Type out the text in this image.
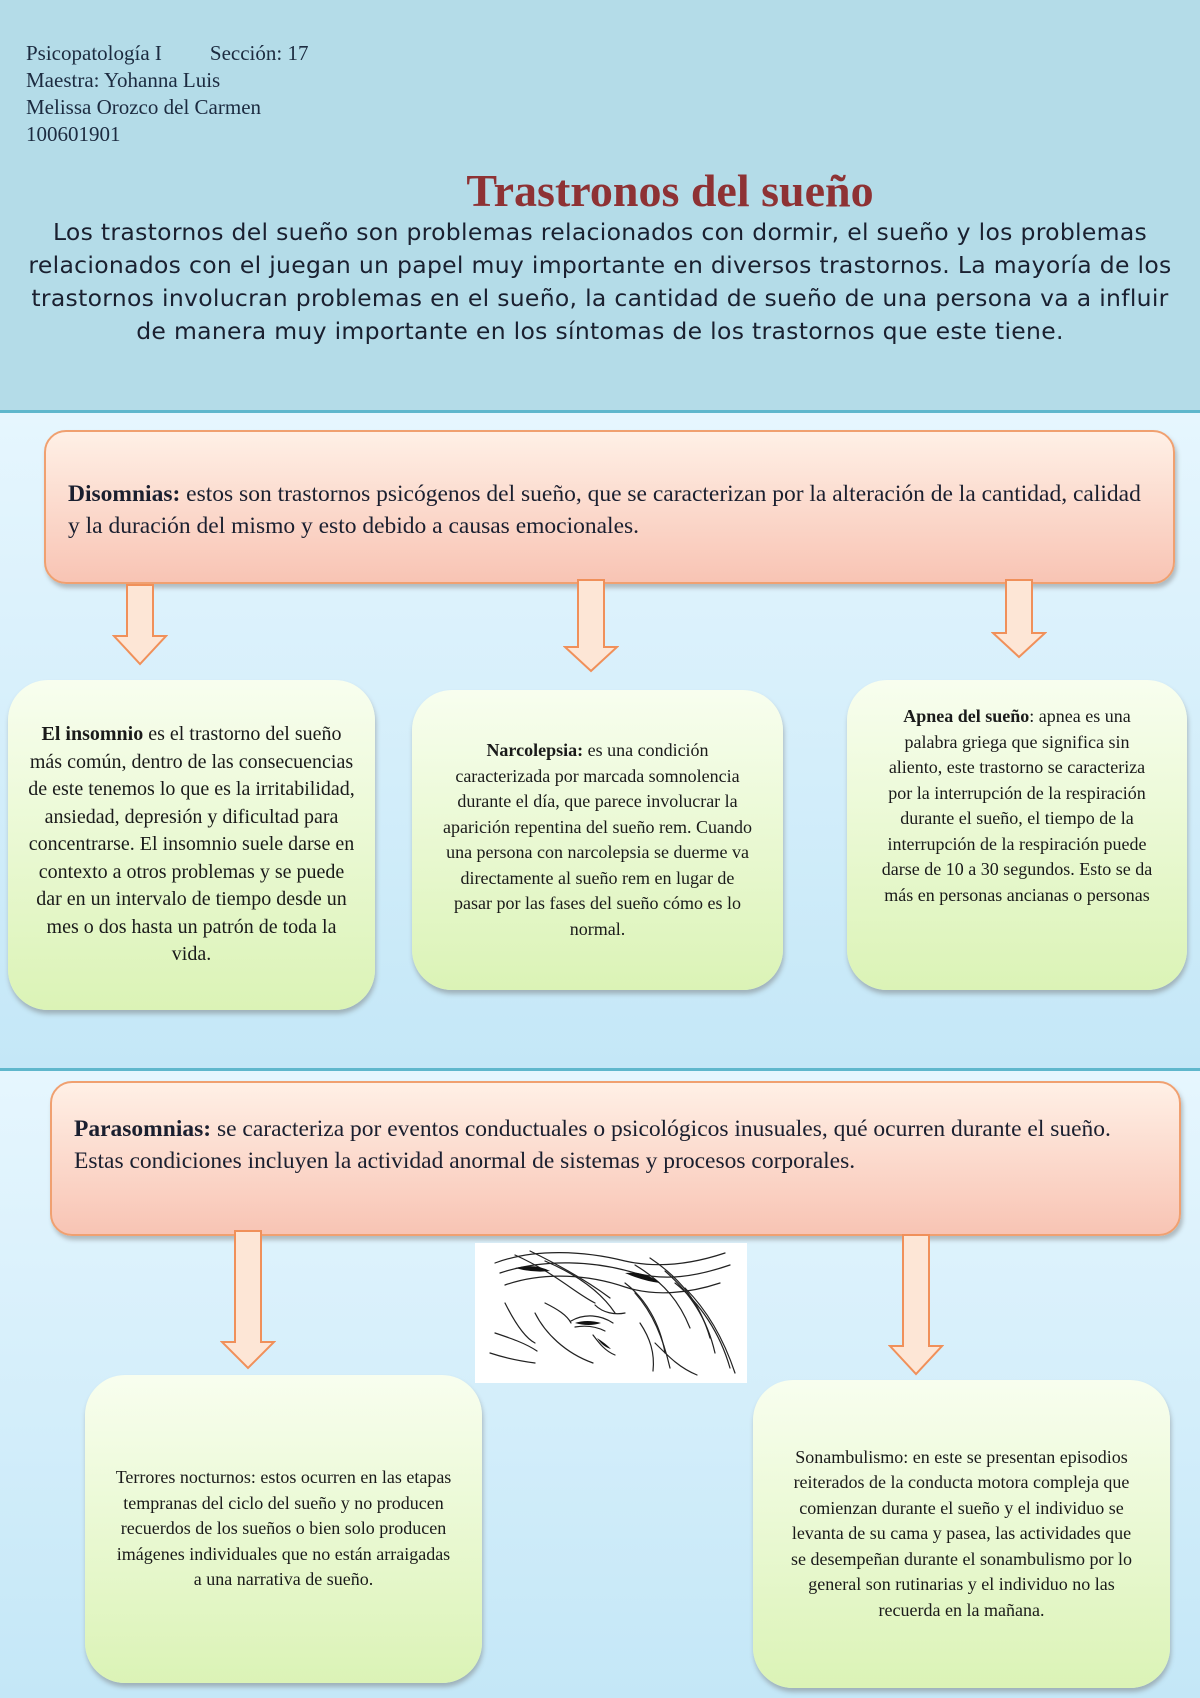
Psicopatología I Sección: 17
Maestra: Yohanna Luis
Melissa Orozco del Carmen
100601901
Trastronos del sueño

Los trastornos del sueño son problemas relacionados con dormir, el sueño y los problemas relacionados con el juegan un papel muy importante en diversos trastornos. La mayoría de los trastornos involucran problemas en el sueño, la cantidad de sueño de una persona va a influir de manera muy importante en los síntomas de los trastornos que este tiene.

Disomnias: estos son trastornos psicógenos del sueño, que se caracterizan por la alteración de la cantidad, calidad y la duración del mismo y esto debido a causas emocionales.

El insomnio es el trastorno del sueño más común, dentro de las consecuencias de este tenemos lo que es la irritabilidad, ansiedad, depresión y dificultad para concentrarse. El insomnio suele darse en contexto a otros problemas y se puede dar en un intervalo de tiempo desde un mes o dos hasta un patrón de toda la vida.

Narcolepsia: es una condición caracterizada por marcada somnolencia durante el día, que parece involucrar la aparición repentina del sueño rem. Cuando una persona con narcolepsia se duerme va directamente al sueño rem en lugar de pasar por las fases del sueño cómo es lo normal.

Apnea del sueño: apnea es una palabra griega que significa sin aliento, este trastorno se caracteriza por la interrupción de la respiración durante el sueño, el tiempo de la interrupción de la respiración puede darse de 10 a 30 segundos. Esto se da más en personas ancianas o personas

Parasomnias: se caracteriza por eventos conductuales o psicológicos inusuales, qué ocurren durante el sueño. Estas condiciones incluyen la actividad anormal de sistemas y procesos corporales.

Terrores nocturnos: estos ocurren en las etapas tempranas del ciclo del sueño y no producen recuerdos de los sueños o bien solo producen imágenes individuales que no están arraigadas a una narrativa de sueño.

Sonambulismo: en este se presentan episodios reiterados de la conducta motora compleja que comienzan durante el sueño y el individuo se levanta de su cama y pasea, las actividades que se desempeñan durante el sonambulismo por lo general son rutinarias y el individuo no las recuerda en la mañana.
